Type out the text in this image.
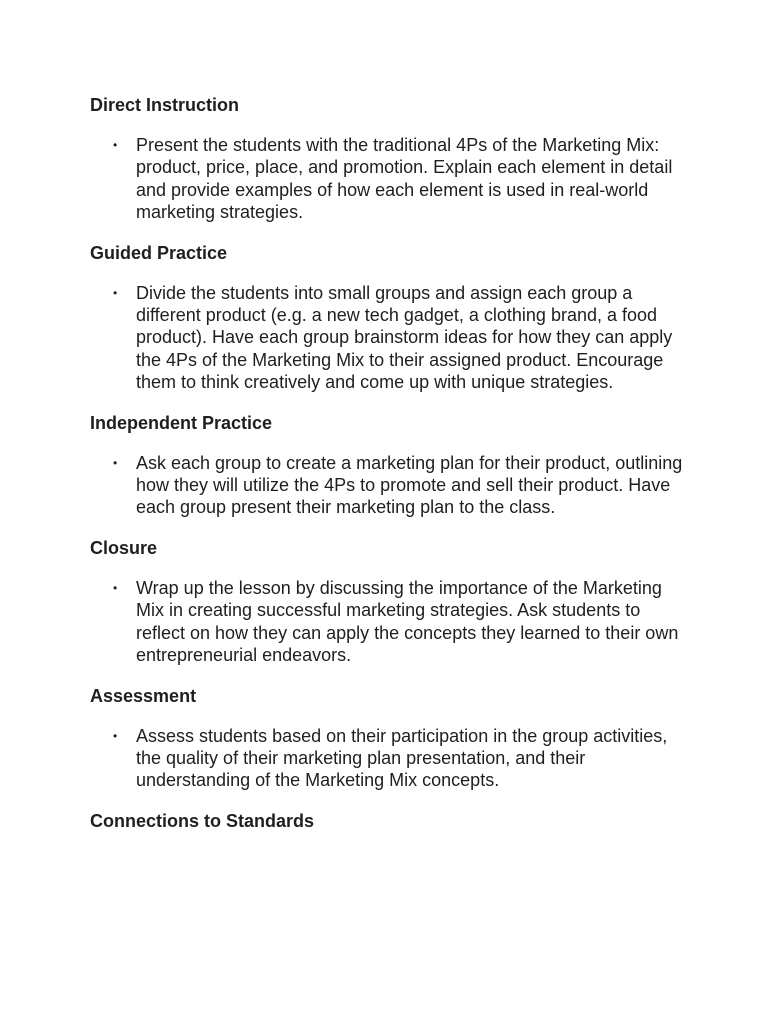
Direct Instruction
• Present the students with the traditional 4Ps of the Marketing Mix: product, price, place, and promotion. Explain each element in detail and provide examples of how each element is used in real-world marketing strategies.
Guided Practice
• Divide the students into small groups and assign each group a different product (e.g. a new tech gadget, a clothing brand, a food product). Have each group brainstorm ideas for how they can apply the 4Ps of the Marketing Mix to their assigned product. Encourage them to think creatively and come up with unique strategies.
Independent Practice
• Ask each group to create a marketing plan for their product, outlining how they will utilize the 4Ps to promote and sell their product. Have each group present their marketing plan to the class.
Closure
• Wrap up the lesson by discussing the importance of the Marketing Mix in creating successful marketing strategies. Ask students to reflect on how they can apply the concepts they learned to their own entrepreneurial endeavors.
Assessment
• Assess students based on their participation in the group activities, the quality of their marketing plan presentation, and their understanding of the Marketing Mix concepts.
Connections to Standards
